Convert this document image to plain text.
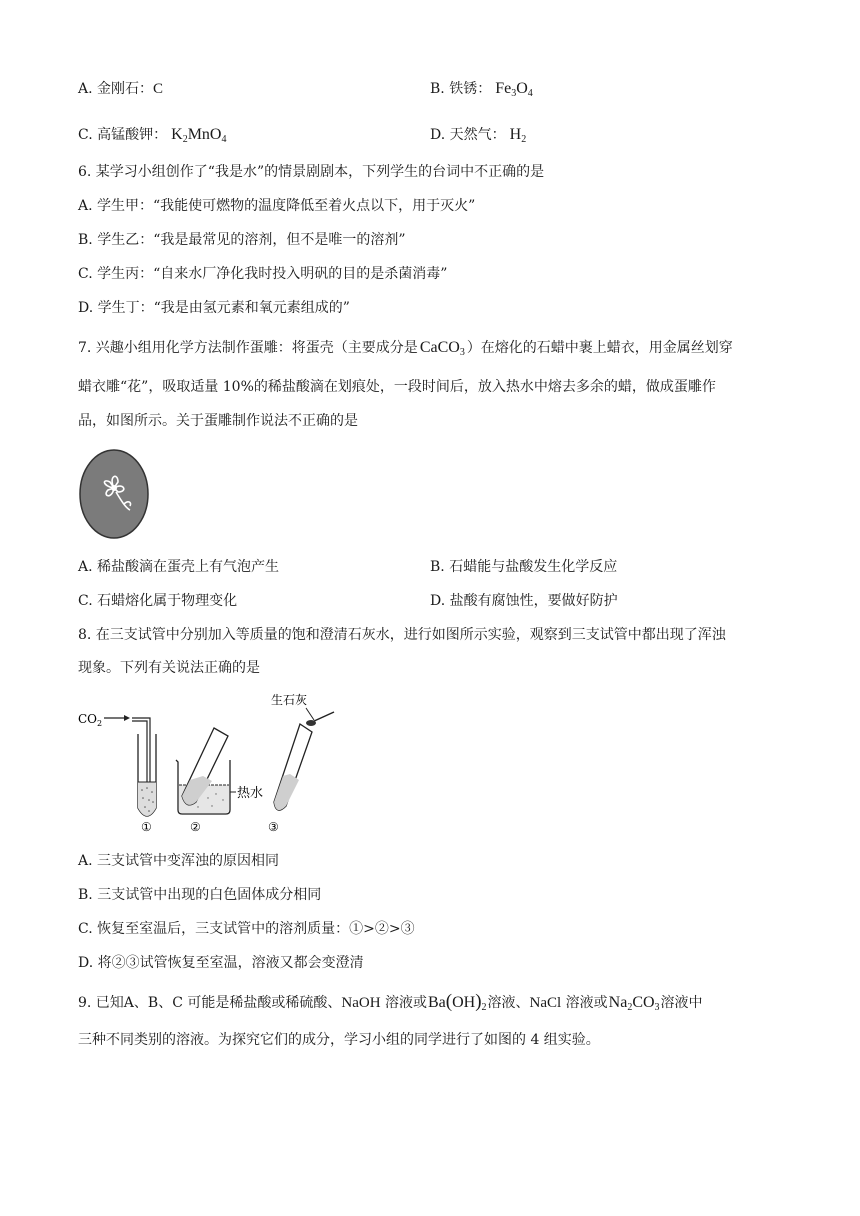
A. 金刚石：C	B. 铁锈： $Fe_3O_4$
C. 高锰酸钾： $K_2MnO_4$	D. 天然气： $H_2$
6. 某学习小组创作了“我是水”的情景剧剧本，下列学生的台词中不正确的是
A. 学生甲：“我能使可燃物的温度降低至着火点以下，用于灭火”
B. 学生乙：“我是最常见的溶剂，但不是唯一的溶剂”
C. 学生丙：“自来水厂净化我时投入明矾的目的是杀菌消毒”
D. 学生丁：“我是由氢元素和氧元素组成的”
7. 兴趣小组用化学方法制作蛋雕：将蛋壳（主要成分是 CaCO$_3$ ）在熔化的石蜡中裹上蜡衣，用金属丝划穿
蜡衣雕“花”，吸取适量 10%的稀盐酸滴在划痕处，一段时间后，放入热水中熔去多余的蜡，做成蛋雕作
品，如图所示。关于蛋雕制作说法不正确的是
A. 稀盐酸滴在蛋壳上有气泡产生	B. 石蜡能与盐酸发生化学反应
C. 石蜡熔化属于物理变化	D. 盐酸有腐蚀性，要做好防护
8. 在三支试管中分别加入等质量的饱和澄清石灰水，进行如图所示实验，观察到三支试管中都出现了浑浊
现象。下列有关说法正确的是
$CO_2$
①
热水
②
生石灰
③
A. 三支试管中变浑浊的原因相同
B. 三支试管中出现的白色固体成分相同
C. 恢复至室温后，三支试管中的溶剂质量：①>②>③
D. 将②③试管恢复至室温，溶液又都会变澄清
9. 已知A、B、C 可能是稀盐酸或稀硫酸、NaOH 溶液或$Ba(OH)_2$溶液、NaCl 溶液或$Na_2CO_3$溶液中
三种不同类别的溶液。为探究它们的成分，学习小组的同学进行了如图的 4 组实验。
